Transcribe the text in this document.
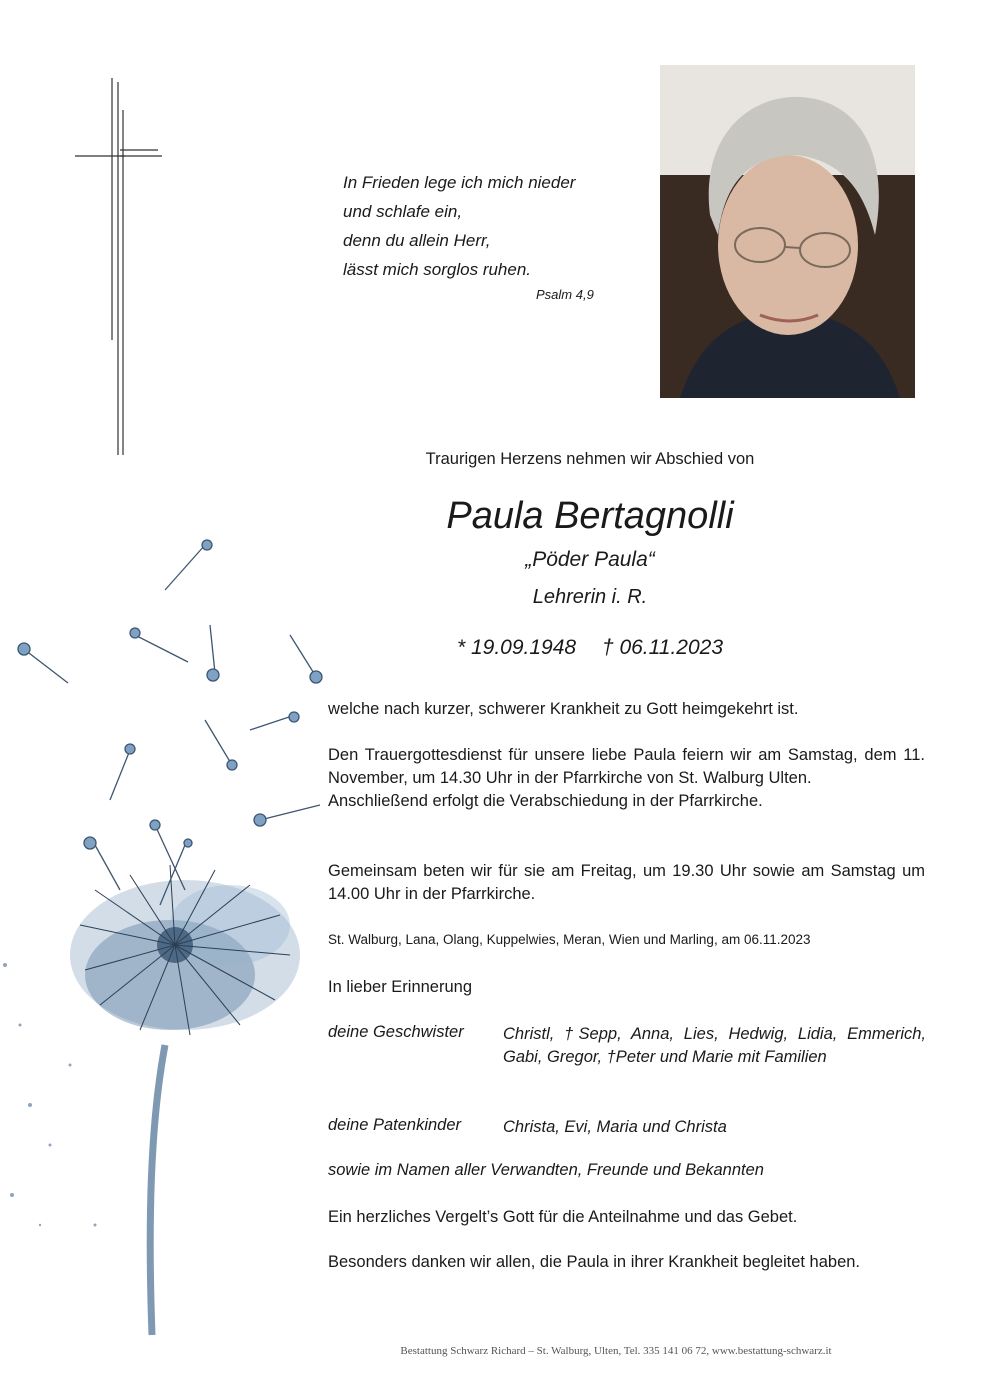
In Frieden lege ich mich nieder
und schlafe ein,
denn du allein Herr,
lässt mich sorglos ruhen.
Psalm 4,9
Traurigen Herzens nehmen wir Abschied von
Paula Bertagnolli
„Pöder Paula“
Lehrerin i. R.
* 19.09.1948 † 06.11.2023
welche nach kurzer, schwerer Krankheit zu Gott heimgekehrt ist.
Den Trauergottesdienst für unsere liebe Paula feiern wir am Samstag, dem 11. November, um 14.30 Uhr in der Pfarrkirche von St. Walburg Ulten.
Anschließend erfolgt die Verabschiedung in der Pfarrkirche.
Gemeinsam beten wir für sie am Freitag, um 19.30 Uhr sowie am Samstag um 14.00 Uhr in der Pfarrkirche.
St. Walburg, Lana, Olang, Kuppelwies, Meran, Wien und Marling, am 06.11.2023
In lieber Erinnerung
deine Geschwister Christl, †Sepp, Anna, Lies, Hedwig, Lidia, Emmerich, Gabi, Gregor, †Peter und Marie mit Familien
deine Patenkinder	Christa, Evi, Maria und Christa
sowie im Namen aller Verwandten, Freunde und Bekannten
Ein herzliches Vergelt’s Gott für die Anteilnahme und das Gebet.
Besonders danken wir allen, die Paula in ihrer Krankheit begleitet haben.
Bestattung Schwarz Richard – St. Walburg, Ulten, Tel. 335 141 06 72, www.bestattung-schwarz.it
